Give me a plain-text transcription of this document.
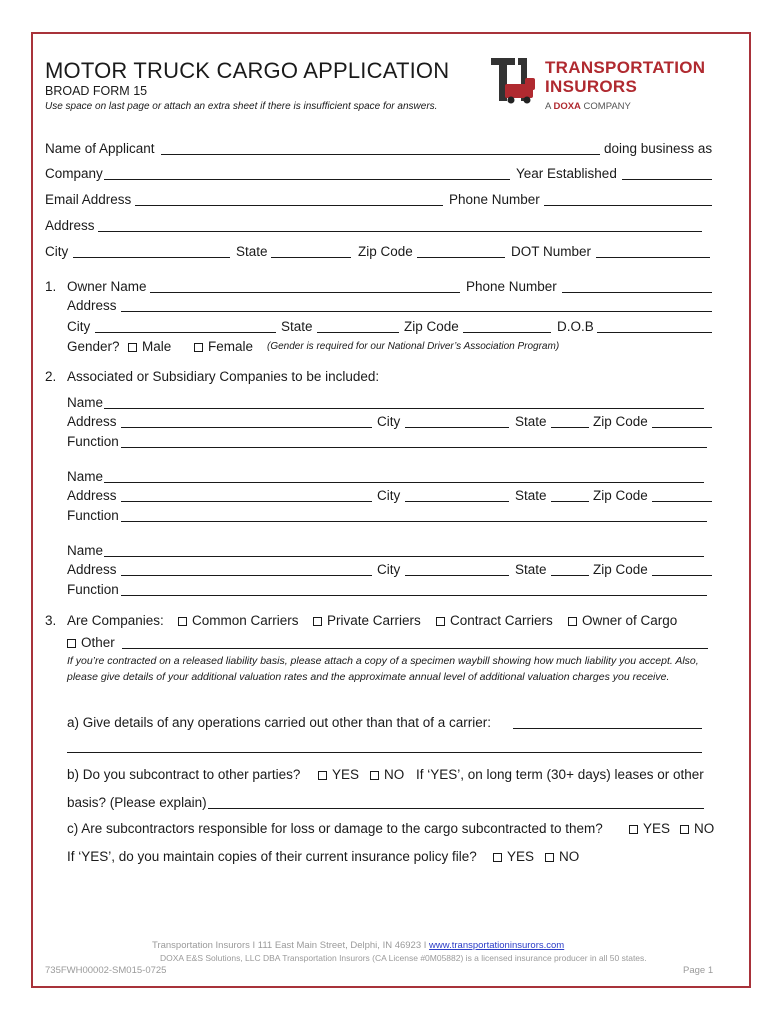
MOTOR TRUCK CARGO APPLICATION
BROAD FORM 15
Use space on last page or attach an extra sheet if there is insufficient space for answers.
TRANSPORTATION
INSURORS
A DOXA COMPANY
Name of Applicant	doing business as
Company	Year Established
Email Address	Phone Number
Address
City	State	Zip Code	DOT Number
1. Owner Name	Phone Number
Address
City	State	Zip Code	D.O.B
Gender?	Male	Female (Gender is required for our National Driver’s Association Program)
2. Associated or Subsidiary Companies to be included:
Name
Address	City	State	Zip Code
Function
Name
Address	City	State	Zip Code
Function
Name
Address	City	State	Zip Code
Function
3. Are Companies:	Common Carriers	Private Carriers	Contract Carriers	Owner of Cargo
Other
If you’re contracted on a released liability basis, please attach a copy of a specimen waybill showing how much liability you accept. Also, please give details of your additional valuation rates and the approximate annual level of additional valuation charges you receive.
a) Give details of any operations carried out other than that of a carrier:
b) Do you subcontract to other parties?	YES	NO If ‘YES’, on long term (30+ days) leases or other
basis? (Please explain)
c) Are subcontractors responsible for loss or damage to the cargo subcontracted to them?	YES	NO
If ‘YES’, do you maintain copies of their current insurance policy file?	YES	NO
Transportation Insurors I 111 East Main Street, Delphi, IN 46923 I www.transportationinsurors.com
DOXA E&S Solutions, LLC DBA Transportation Insurors (CA License #0M05882) is a licensed insurance producer in all 50 states.
735FWH00002-SM015-0725	Page 1
